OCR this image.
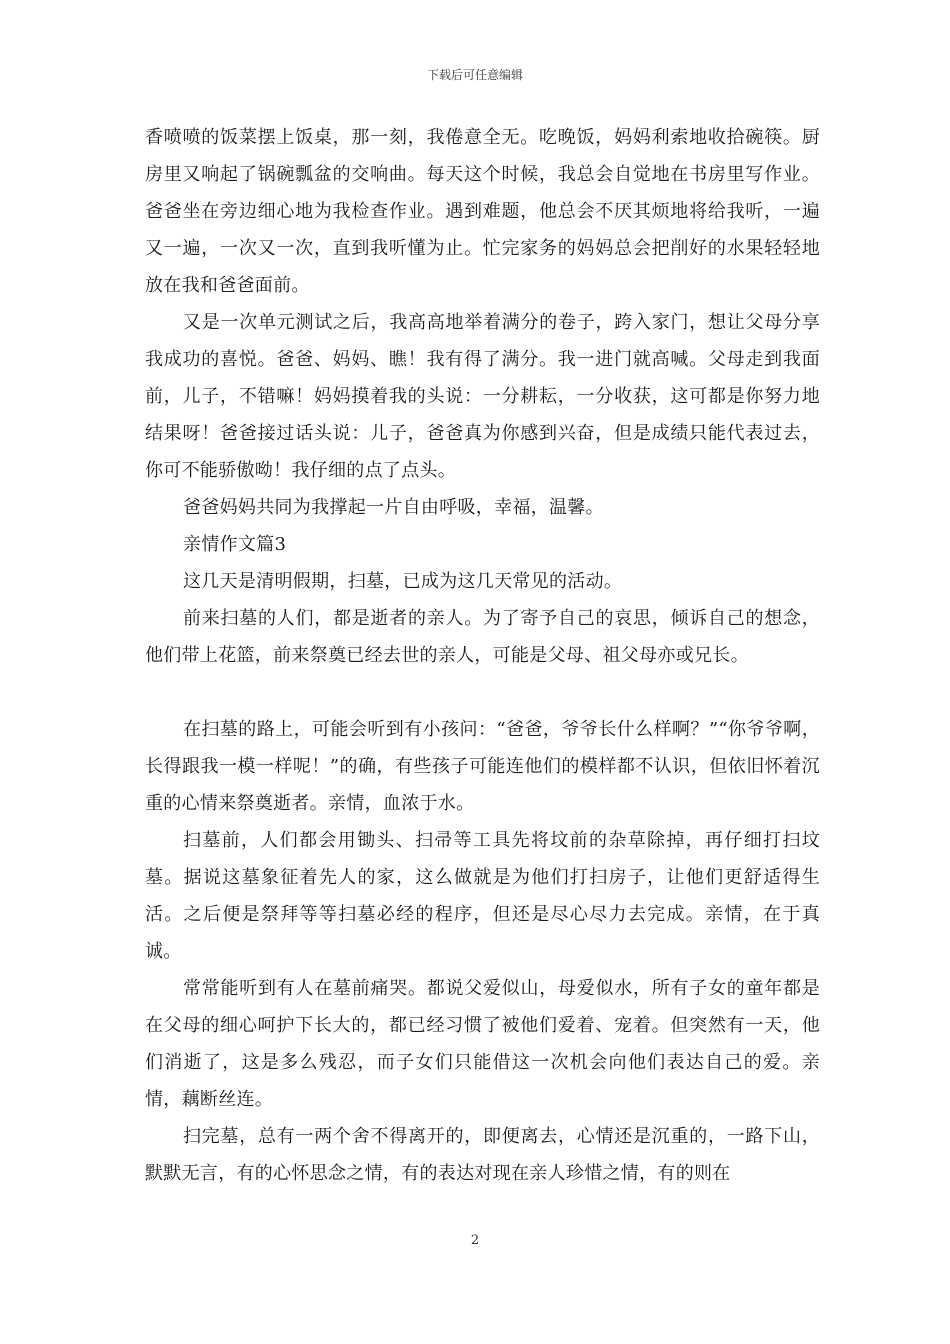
下载后可任意编辑

香喷喷的饭菜摆上饭桌，那一刻，我倦意全无。吃晚饭，妈妈利索地收拾碗筷。厨房里又响起了锅碗瓢盆的交响曲。每天这个时候，我总会自觉地在书房里写作业。爸爸坐在旁边细心地为我检查作业。遇到难题，他总会不厌其烦地将给我听，一遍又一遍，一次又一次，直到我听懂为止。忙完家务的妈妈总会把削好的水果轻轻地放在我和爸爸面前。

又是一次单元测试之后，我高高地举着满分的卷子，跨入家门，想让父母分享我成功的喜悦。爸爸、妈妈、瞧！我有得了满分。我一进门就高喊。父母走到我面前，儿子，不错嘛！妈妈摸着我的头说：一分耕耘，一分收获，这可都是你努力地结果呀！爸爸接过话头说：儿子，爸爸真为你感到兴奋，但是成绩只能代表过去，你可不能骄傲呦！我仔细的点了点头。

爸爸妈妈共同为我撑起一片自由呼吸，幸福，温馨。

亲情作文篇3

这几天是清明假期，扫墓，已成为这几天常见的活动。

前来扫墓的人们，都是逝者的亲人。为了寄予自己的哀思，倾诉自己的想念，他们带上花篮，前来祭奠已经去世的亲人，可能是父母、祖父母亦或兄长。

在扫墓的路上，可能会听到有小孩问：“爸爸，爷爷长什么样啊？”“你爷爷啊，长得跟我一模一样呢！”的确，有些孩子可能连他们的模样都不认识，但依旧怀着沉重的心情来祭奠逝者。亲情，血浓于水。

扫墓前，人们都会用锄头、扫帚等工具先将坟前的杂草除掉，再仔细打扫坟墓。据说这墓象征着先人的家，这么做就是为他们打扫房子，让他们更舒适得生活。之后便是祭拜等等扫墓必经的程序，但还是尽心尽力去完成。亲情，在于真诚。

常常能听到有人在墓前痛哭。都说父爱似山，母爱似水，所有子女的童年都是在父母的细心呵护下长大的，都已经习惯了被他们爱着、宠着。但突然有一天，他们消逝了，这是多么残忍，而子女们只能借这一次机会向他们表达自己的爱。亲情，藕断丝连。

扫完墓，总有一两个舍不得离开的，即便离去，心情还是沉重的，一路下山，默默无言，有的心怀思念之情，有的表达对现在亲人珍惜之情，有的则在

2
